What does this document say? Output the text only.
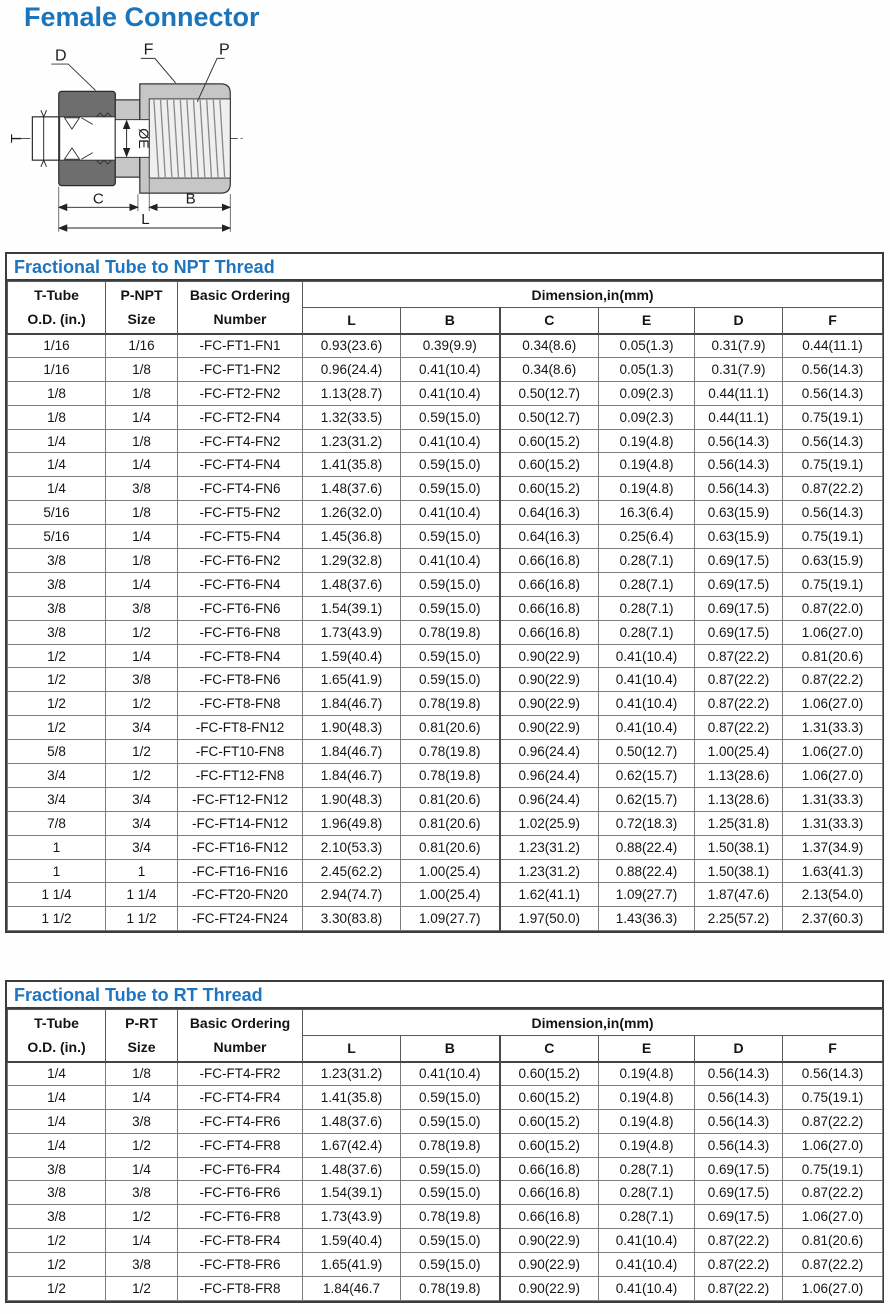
Female Connector
ØE
T
D	F	P
C	B
L
Fractional Tube to NPT Thread
T-Tube
O.D. (in.)

P-NPT
Size

Basic Ordering
Number
	Dimension,in(mm)
			L	B	C	E	D	F
1/16	1/16	-FC-FT1-FN1	0.93(23.6)	0.39(9.9)	0.34(8.6)	0.05(1.3)	0.31(7.9)	0.44(11.1)
1/16	1/8	-FC-FT1-FN2	0.96(24.4)	0.41(10.4)	0.34(8.6)	0.05(1.3)	0.31(7.9)	0.56(14.3)
1/8	1/8	-FC-FT2-FN2	1.13(28.7)	0.41(10.4)	0.50(12.7)	0.09(2.3)	0.44(11.1)	0.56(14.3)
1/8	1/4	-FC-FT2-FN4	1.32(33.5)	0.59(15.0)	0.50(12.7)	0.09(2.3)	0.44(11.1)	0.75(19.1)
1/4	1/8	-FC-FT4-FN2	1.23(31.2)	0.41(10.4)	0.60(15.2)	0.19(4.8)	0.56(14.3)	0.56(14.3)
1/4	1/4	-FC-FT4-FN4	1.41(35.8)	0.59(15.0)	0.60(15.2)	0.19(4.8)	0.56(14.3)	0.75(19.1)
1/4	3/8	-FC-FT4-FN6	1.48(37.6)	0.59(15.0)	0.60(15.2)	0.19(4.8)	0.56(14.3)	0.87(22.2)
5/16	1/8	-FC-FT5-FN2	1.26(32.0)	0.41(10.4)	0.64(16.3)	16.3(6.4)	0.63(15.9)	0.56(14.3)
5/16	1/4	-FC-FT5-FN4	1.45(36.8)	0.59(15.0)	0.64(16.3)	0.25(6.4)	0.63(15.9)	0.75(19.1)
3/8	1/8	-FC-FT6-FN2	1.29(32.8)	0.41(10.4)	0.66(16.8)	0.28(7.1)	0.69(17.5)	0.63(15.9)
3/8	1/4	-FC-FT6-FN4	1.48(37.6)	0.59(15.0)	0.66(16.8)	0.28(7.1)	0.69(17.5)	0.75(19.1)
3/8	3/8	-FC-FT6-FN6	1.54(39.1)	0.59(15.0)	0.66(16.8)	0.28(7.1)	0.69(17.5)	0.87(22.0)
3/8	1/2	-FC-FT6-FN8	1.73(43.9)	0.78(19.8)	0.66(16.8)	0.28(7.1)	0.69(17.5)	1.06(27.0)
1/2	1/4	-FC-FT8-FN4	1.59(40.4)	0.59(15.0)	0.90(22.9)	0.41(10.4)	0.87(22.2)	0.81(20.6)
1/2	3/8	-FC-FT8-FN6	1.65(41.9)	0.59(15.0)	0.90(22.9)	0.41(10.4)	0.87(22.2)	0.87(22.2)
1/2	1/2	-FC-FT8-FN8	1.84(46.7)	0.78(19.8)	0.90(22.9)	0.41(10.4)	0.87(22.2)	1.06(27.0)
1/2	3/4	-FC-FT8-FN12	1.90(48.3)	0.81(20.6)	0.90(22.9)	0.41(10.4)	0.87(22.2)	1.31(33.3)
5/8	1/2	-FC-FT10-FN8	1.84(46.7)	0.78(19.8)	0.96(24.4)	0.50(12.7)	1.00(25.4)	1.06(27.0)
3/4	1/2	-FC-FT12-FN8	1.84(46.7)	0.78(19.8)	0.96(24.4)	0.62(15.7)	1.13(28.6)	1.06(27.0)
3/4	3/4	-FC-FT12-FN12	1.90(48.3)	0.81(20.6)	0.96(24.4)	0.62(15.7)	1.13(28.6)	1.31(33.3)
7/8	3/4	-FC-FT14-FN12	1.96(49.8)	0.81(20.6)	1.02(25.9)	0.72(18.3)	1.25(31.8)	1.31(33.3)
1	3/4	-FC-FT16-FN12	2.10(53.3)	0.81(20.6)	1.23(31.2)	0.88(22.4)	1.50(38.1)	1.37(34.9)
1	1	-FC-FT16-FN16	2.45(62.2)	1.00(25.4)	1.23(31.2)	0.88(22.4)	1.50(38.1)	1.63(41.3)
1 1/4	1 1/4	-FC-FT20-FN20	2.94(74.7)	1.00(25.4)	1.62(41.1)	1.09(27.7)	1.87(47.6)	2.13(54.0)
1 1/2	1 1/2	-FC-FT24-FN24	3.30(83.8)	1.09(27.7)	1.97(50.0)	1.43(36.3)	2.25(57.2)	2.37(60.3)
Fractional Tube to RT Thread
T-Tube
O.D. (in.)

P-RT
Size

Basic Ordering
Number
	Dimension,in(mm)
			L	B	C	E	D	F
1/4	1/8	-FC-FT4-FR2	1.23(31.2)	0.41(10.4)	0.60(15.2)	0.19(4.8)	0.56(14.3)	0.56(14.3)
1/4	1/4	-FC-FT4-FR4	1.41(35.8)	0.59(15.0)	0.60(15.2)	0.19(4.8)	0.56(14.3)	0.75(19.1)
1/4	3/8	-FC-FT4-FR6	1.48(37.6)	0.59(15.0)	0.60(15.2)	0.19(4.8)	0.56(14.3)	0.87(22.2)
1/4	1/2	-FC-FT4-FR8	1.67(42.4)	0.78(19.8)	0.60(15.2)	0.19(4.8)	0.56(14.3)	1.06(27.0)
3/8	1/4	-FC-FT6-FR4	1.48(37.6)	0.59(15.0)	0.66(16.8)	0.28(7.1)	0.69(17.5)	0.75(19.1)
3/8	3/8	-FC-FT6-FR6	1.54(39.1)	0.59(15.0)	0.66(16.8)	0.28(7.1)	0.69(17.5)	0.87(22.2)
3/8	1/2	-FC-FT6-FR8	1.73(43.9)	0.78(19.8)	0.66(16.8)	0.28(7.1)	0.69(17.5)	1.06(27.0)
1/2	1/4	-FC-FT8-FR4	1.59(40.4)	0.59(15.0)	0.90(22.9)	0.41(10.4)	0.87(22.2)	0.81(20.6)
1/2	3/8	-FC-FT8-FR6	1.65(41.9)	0.59(15.0)	0.90(22.9)	0.41(10.4)	0.87(22.2)	0.87(22.2)
1/2	1/2	-FC-FT8-FR8	1.84(46.7	0.78(19.8)	0.90(22.9)	0.41(10.4)	0.87(22.2)	1.06(27.0)
